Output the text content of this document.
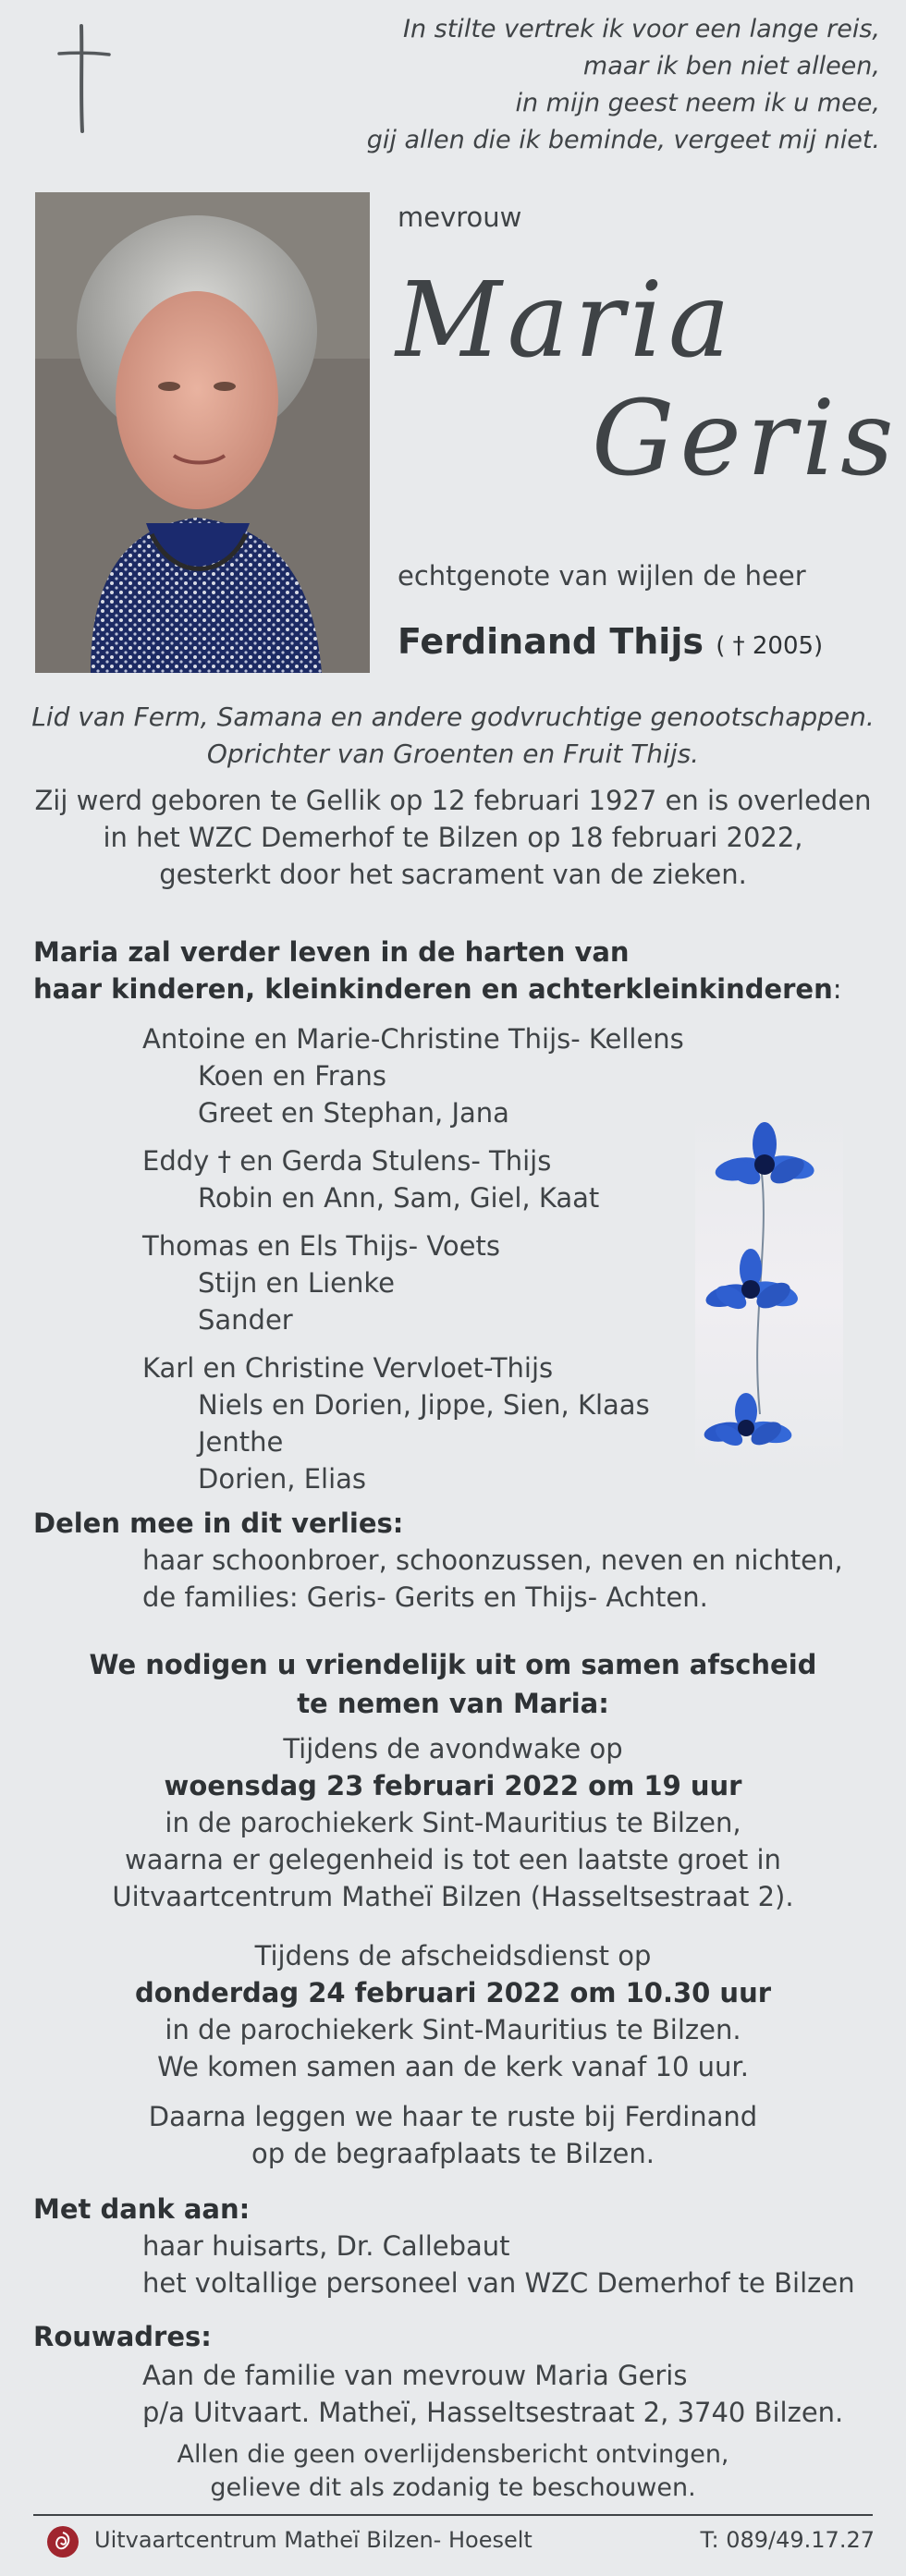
In stilte vertrek ik voor een lange reis,
maar ik ben niet alleen,
in mijn geest neem ik u mee,
gij allen die ik beminde, vergeet mij niet.
mevrouw
Maria
Geris
echtgenote van wijlen de heer
Ferdinand Thijs ( † 2005)
Lid van Ferm, Samana en andere godvruchtige genootschappen.
Oprichter van Groenten en Fruit Thijs.
Zij werd geboren te Gellik op 12 februari 1927 en is overleden
in het WZC Demerhof te Bilzen op 18 februari 2022,
gesterkt door het sacrament van de zieken.
Maria zal verder leven in de harten van
haar kinderen, kleinkinderen en achterkleinkinderen:
Antoine en Marie-Christine Thijs- Kellens
Koen en Frans
Greet en Stephan, Jana
Eddy † en Gerda Stulens- Thijs
Robin en Ann, Sam, Giel, Kaat
Thomas en Els Thijs- Voets
Stijn en Lienke
Sander
Karl en Christine Vervloet-Thijs
Niels en Dorien, Jippe, Sien, Klaas
Jenthe
Dorien, Elias
Delen mee in dit verlies:
haar schoonbroer, schoonzussen, neven en nichten,
de families: Geris- Gerits en Thijs- Achten.
We nodigen u vriendelijk uit om samen afscheid
te nemen van Maria:
Tijdens de avondwake op
woensdag 23 februari 2022 om 19 uur
in de parochiekerk Sint-Mauritius te Bilzen,
waarna er gelegenheid is tot een laatste groet in
Uitvaartcentrum Matheï Bilzen (Hasseltsestraat 2).
Tijdens de afscheidsdienst op
donderdag 24 februari 2022 om 10.30 uur
in de parochiekerk Sint-Mauritius te Bilzen.
We komen samen aan de kerk vanaf 10 uur.
Daarna leggen we haar te ruste bij Ferdinand
op de begraafplaats te Bilzen.
Met dank aan:
haar huisarts, Dr. Callebaut
het voltallige personeel van WZC Demerhof te Bilzen
Rouwadres:
Aan de familie van mevrouw Maria Geris
p/a Uitvaart. Matheï, Hasseltsestraat 2, 3740 Bilzen.
Allen die geen overlijdensbericht ontvingen,
gelieve dit als zodanig te beschouwen.
Uitvaartcentrum Matheï Bilzen- Hoeselt	T: 089/49.17.27
